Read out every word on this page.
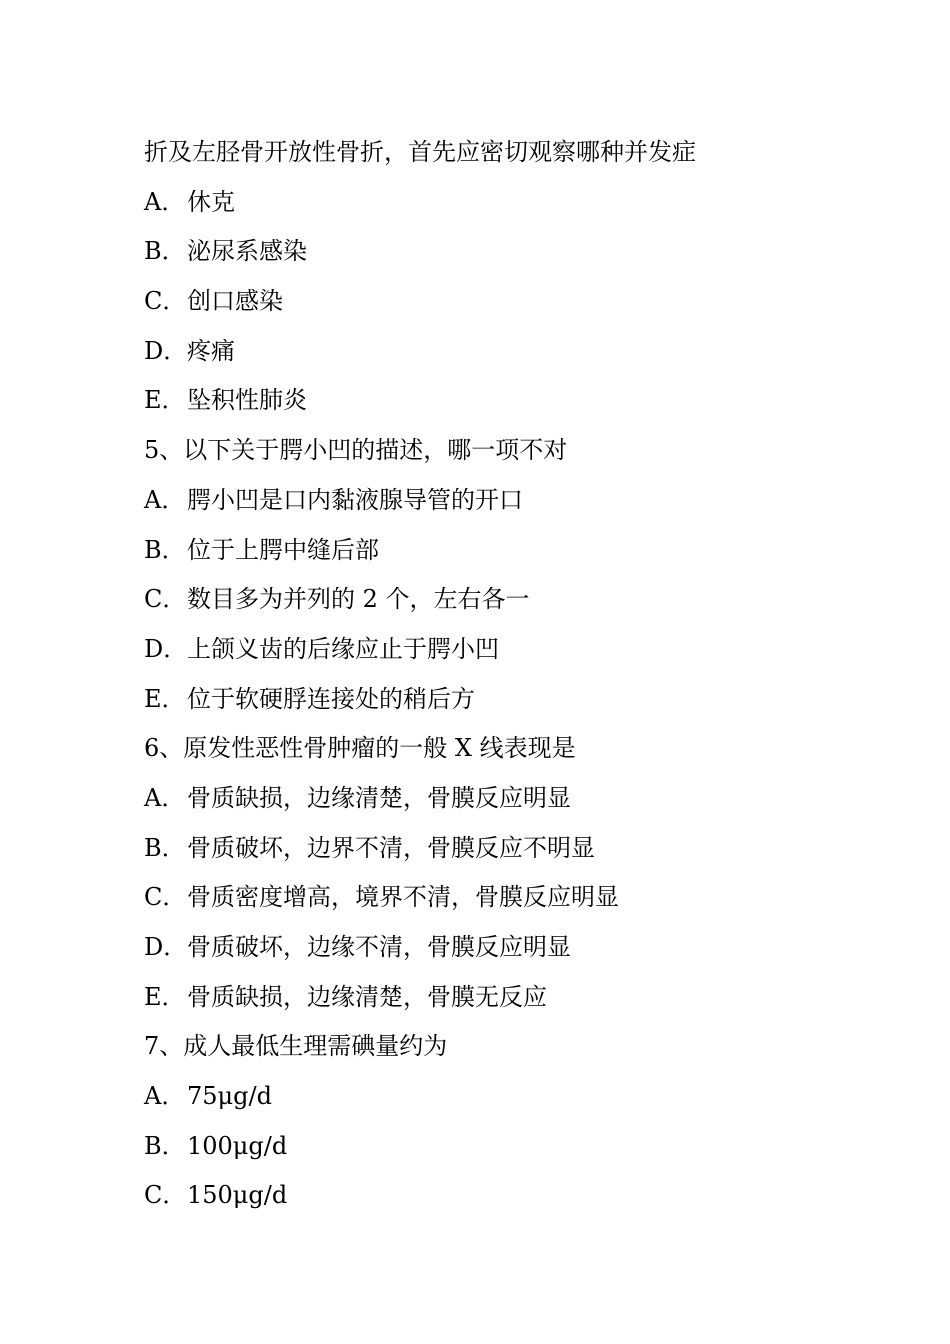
折及左胫骨开放性骨折，首先应密切观察哪种并发症
A．休克
B．泌尿系感染
C．创口感染
D．疼痛
E．坠积性肺炎
5、以下关于腭小凹的描述，哪一项不对
A．腭小凹是口内黏液腺导管的开口
B．位于上腭中缝后部
C．数目多为并列的 2 个，左右各一
D．上颌义齿的后缘应止于腭小凹
E．位于软硬脬连接处的稍后方
6、原发性恶性骨肿瘤的一般 X 线表现是
A．骨质缺损，边缘清楚，骨膜反应明显
B．骨质破坏，边界不清，骨膜反应不明显
C．骨质密度增高，境界不清，骨膜反应明显
D．骨质破坏，边缘不清，骨膜反应明显
E．骨质缺损，边缘清楚，骨膜无反应
7、成人最低生理需碘量约为
A．75μg/d
B．100μg/d
C．150μg/d
